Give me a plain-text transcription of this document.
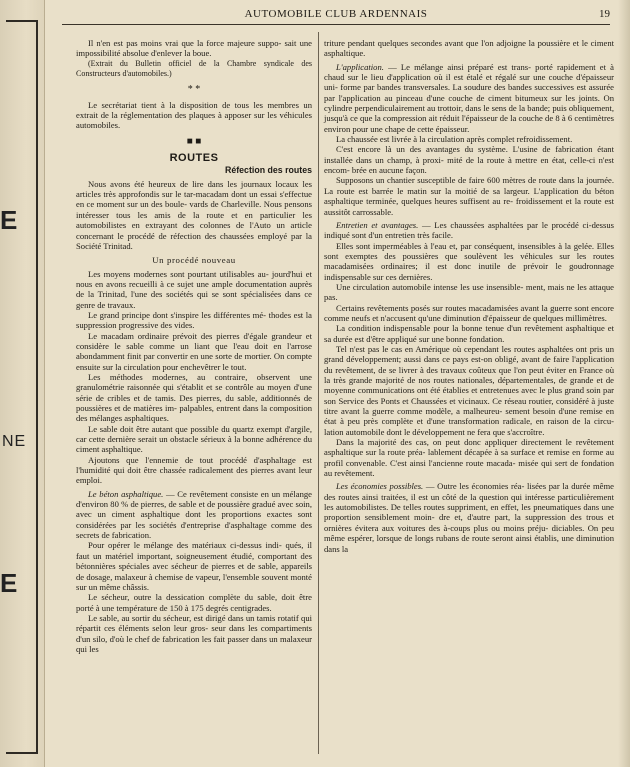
E
NE
E
AUTOMOBILE CLUB ARDENNAIS	19

Il n'en est pas moins vrai que la force majeure suppo- sait une impossibilité absolue d'enlever la boue.

(Extrait du Bulletin officiel de la Chambre syndicale des Constructeurs d'automobiles.)

* *

Le secrétariat tient à la disposition de tous les membres un extrait de la réglementation des plaques à apposer sur les véhicules automobiles.

■ ■
ROUTES
Réfection des routes

Nous avons été heureux de lire dans les journaux locaux les articles très approfondis sur le tar-macadam dont un essai s'effectue en ce moment sur un des boule- vards de Charleville. Nous pensons intéresser tous les amis de la route et en particulier les automobilistes en extrayant des colonnes de l'Auto un article concernant le procédé de réfection des chaussées employé par la Société Trinitad.

Un procédé nouveau

Les moyens modernes sont pourtant utilisables au- jourd'hui et nous en avons recueilli à ce sujet une ample documentation auprès de la Trinitad, l'une des sociétés qui se sont spécialisées dans ce genre de travaux.

Le grand principe dont s'inspire les différentes mé- thodes est la suppression progressive des vides.

Le macadam ordinaire prévoit des pierres d'égale grandeur et considère le sable comme un liant que l'eau doit en l'arrose abondamment finit par convertir en une sorte de mortier. On compte ensuite sur la circulation pour enchevêtrer le tout.

Les méthodes modernes, au contraire, observent une granulométrie raisonnée qui s'établit et se contrôle au moyen d'une série de cribles et de tamis. Des pierres, du sable, additionnés de poussières et de matières im- palpables, entrent dans la composition des mélanges asphaltiques.

Le sable doit être autant que possible du quartz exempt d'argile, car cette dernière serait un obstacle sérieux à la bonne adhérence du ciment asphaltique.

Ajoutons que l'ennemie de tout procédé d'asphaltage est l'humidité qui doit être chassée radicalement des pierres avant leur emploi.

Le béton asphaltique. — Ce revêtement consiste en un mélange d'environ 80 % de pierres, de sable et de poussière gradué avec soin, avec un ciment asphaltique dont les proportions exactes sont considérées par les sociétés d'entreprise d'asphaltage comme des secrets de fabrication.

Pour opérer le mélange des matériaux ci-dessus indi- qués, il faut un matériel important, soigneusement étudié, comportant des bétonnières spéciales avec sécheur de pierres et de sable, appareils de dosage, malaxeur à chemise de vapeur, l'ensemble souvent monté sur un même châssis.

Le sécheur, outre la dessication complète du sable, doit être porté à une température de 150 à 175 degrés centigrades.

Le sable, au sortir du sécheur, est dirigé dans un tamis rotatif qui répartit ces éléments selon leur gros- seur dans les compartiments d'un silo, d'où le chef de fabrication les fait passer dans un malaxeur qui les

triture pendant quelques secondes avant que l'on adjoigne la poussière et le ciment asphaltique.

L'application. — Le mélange ainsi préparé est trans- porté rapidement et à chaud sur le lieu d'application où il est étalé et régalé sur une couche d'épaisseur uni- forme par bandes transversales. La soudure des bandes successives est assurée par l'application au pinceau d'une couche de ciment bitumeux sur les joints. On cylindre perpendiculairement au trottoir, dans le sens de la bande; puis obliquement, jusqu'à ce que la compression ait réduit l'épaisseur de la couche de 8 à 6 centimètres environ pour une chape de cette épaisseur.

La chaussée est livrée à la circulation après complet refroidissement.

C'est encore là un des avantages du système. L'usine de fabrication étant installée dans un champ, à proxi- mité de la route à mettre en état, celle-ci n'est encom- brée en aucune façon.

Supposons un chantier susceptible de faire 600 mètres de route dans la journée. La route est barrée le matin sur la moitié de sa largeur. L'application du béton asphaltique terminée, quelques heures suffisent au re- froidissement et la route est aussitôt carrossable.

Entretien et avantages. — Les chaussées asphaltées par le procédé ci-dessus indiqué sont d'un entretien très facile.

Elles sont imperméables à l'eau et, par conséquent, insensibles à la gelée. Elles sont exemptes des poussières que soulèvent les véhicules sur les routes macadamisées ordinaires; il est donc inutile de prévoir le goudronnage indispensable sur ces dernières.

Une circulation automobile intense les use insensible- ment, mais ne les attaque pas.

Certains revêtements posés sur routes macadamisées avant la guerre sont encore comme neufs et n'accusent qu'une diminution d'épaisseur de quelques millimètres.

La condition indispensable pour la bonne tenue d'un revêtement asphaltique et sa durée est d'être appliqué sur une bonne fondation.

Tel n'est pas le cas en Amérique où cependant les routes asphaltées ont pris un grand développement; aussi dans ce pays est-on obligé, avant de faire l'application du revêtement, de se livrer à des travaux coûteux que l'on peut éviter en France où la très grande majorité de nos routes nationales, départementales, de grande et de moyenne communications ont été établies et entretenues avec le plus grand soin par son Service des Ponts et Chaussées et vicinaux. Ce réseau routier, considéré à juste titre avant la guerre comme modèle, a malheureu- sement besoin d'une remise en état à peu près complète et d'une transformation radicale, en raison de la circu- lation automobile dont le développement ne fera que s'accroître.

Dans la majorité des cas, on peut donc appliquer directement le revêtement asphaltique sur la route préa- lablement décapée à sa surface et remise en forme au profil convenable. C'est ainsi l'ancienne route macada- misée qui sert de fondation au revêtement.

Les économies possibles. — Outre les économies réa- lisées par la durée même des routes ainsi traitées, il est un côté de la question qui intéresse particulièrement les automobilistes. De telles routes suppriment, en effet, les pneumatiques dans une proportion sensiblement moin- dre et, d'autre part, la suppression des trous et ornières évitera aux voitures des à-coups plus ou moins préju- diciables. On peu même espérer, lorsque de longs rubans de route seront ainsi établis, une diminution dans la
